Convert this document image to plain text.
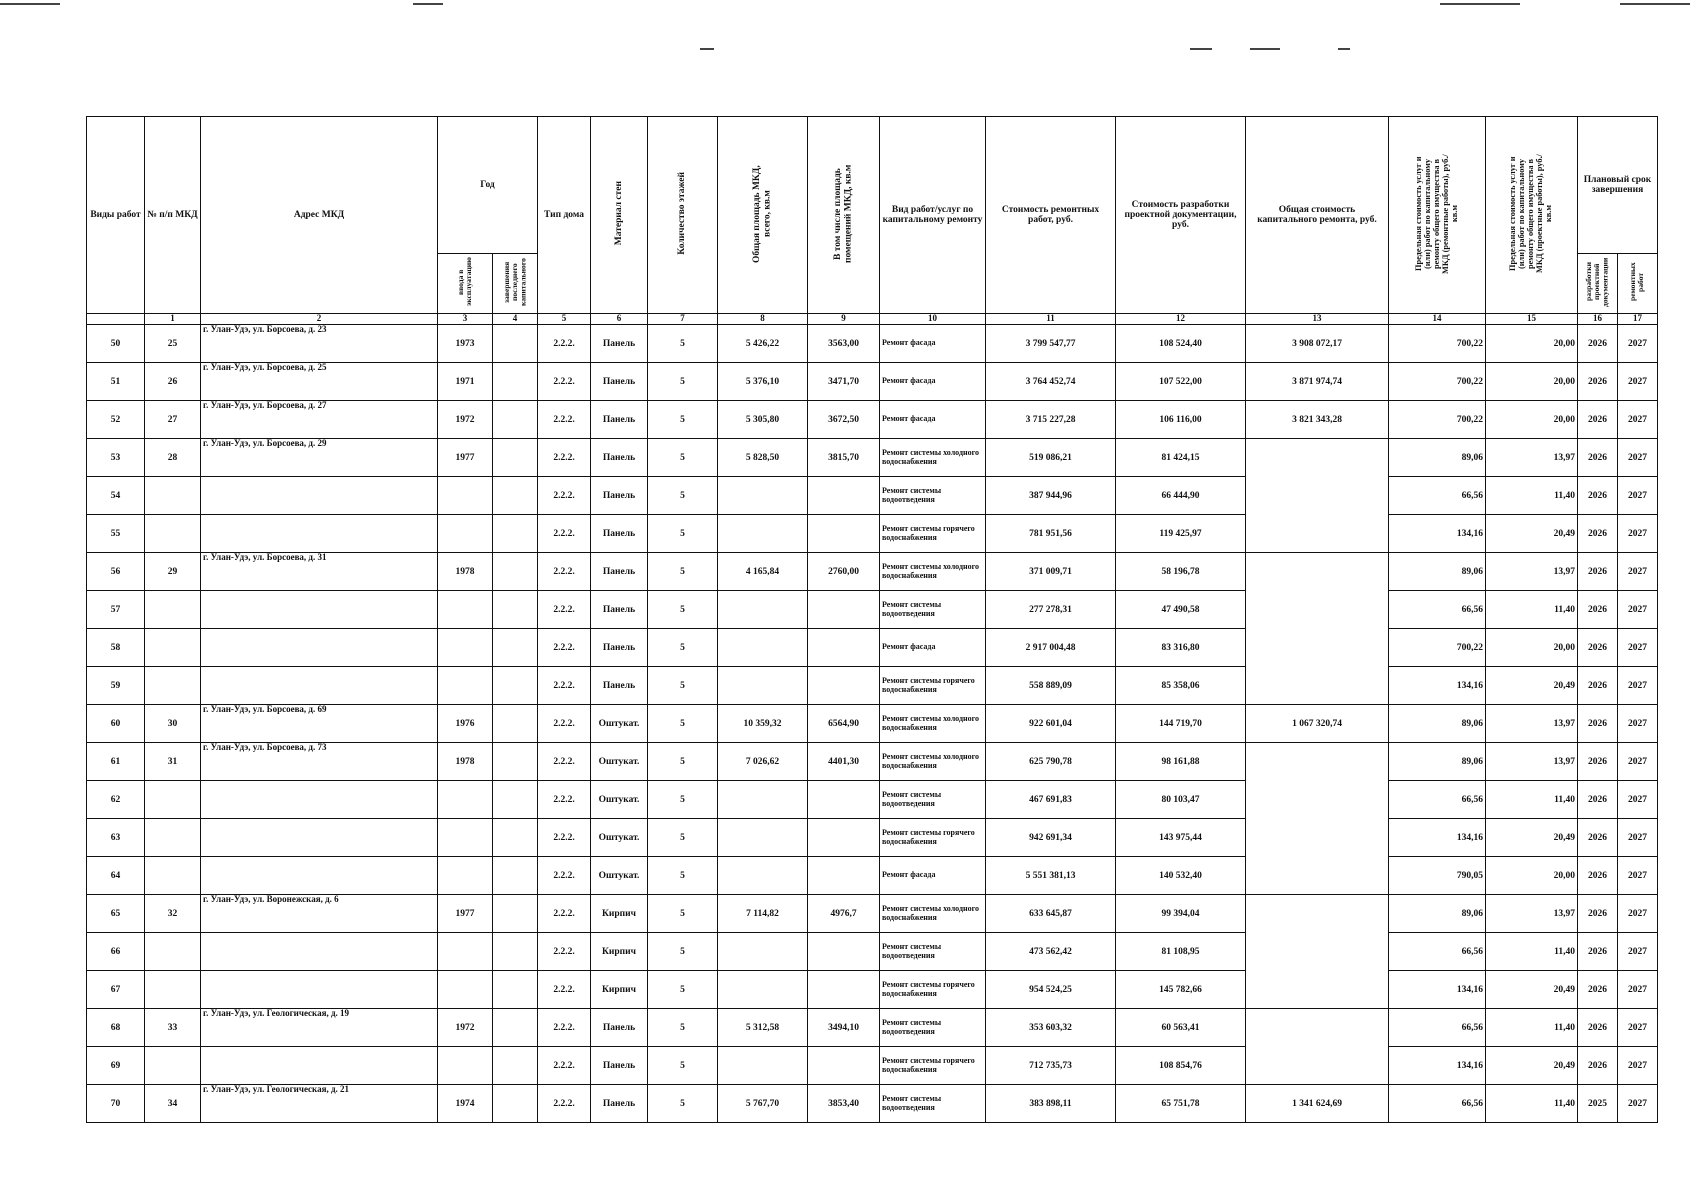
Виды работ	№ п/п МКД	Адрес МКД	Год		Тип дома	Материал стен	Количество этажей	Общая площадь МКД, всего, кв.м	В том числе площадь помещений МКД, кв.м	Вид работ/услуг по капитальному ремонту	Стоимость ремонтных работ, руб.	Стоимость разработки проектной документации, руб.	Общая стоимость капитального ремонта, руб.	Предельная стоимость услуг и (или) работ по капитальному ремонту общего имущества в МКД (ремонтные работы), руб./кв.м	Предельная стоимость услуг и (или) работ по капитальному ремонту общего имущества в МКД (проектные работы), руб./кв.м	Плановый срок завершения	
			ввода в эксплуатацию	завершения последнего капитального												разработки проектной документации	ремонтных работ
	1	2	3	4	5	6	7	8	9	10	11	12	13	14	15	16	17
50	25	г. Улан-Удэ, ул. Борсоева, д. 23	1973		2.2.2.	Панель	5	5 426,22	3563,00	Ремонт фасада	3 799 547,77	108 524,40	3 908 072,17	700,22	20,00	2026	2027
51	26	г. Улан-Удэ, ул. Борсоева, д. 25	1971		2.2.2.	Панель	5	5 376,10	3471,70	Ремонт фасада	3 764 452,74	107 522,00	3 871 974,74	700,22	20,00	2026	2027
52	27	г. Улан-Удэ, ул. Борсоева, д. 27	1972		2.2.2.	Панель	5	5 305,80	3672,50	Ремонт фасада	3 715 227,28	106 116,00	3 821 343,28	700,22	20,00	2026	2027
53	28	г. Улан-Удэ, ул. Борсоева, д. 29	1977		2.2.2.	Панель	5	5 828,50	3815,70	Ремонт системы холодного водоснабжения	519 086,21	81 424,15		89,06	13,97	2026	2027
54					2.2.2.	Панель	5			Ремонт системы водоотведения	387 944,96	66 444,90		66,56	11,40	2026	2027
55					2.2.2.	Панель	5			Ремонт системы горячего водоснабжения	781 951,56	119 425,97		134,16	20,49	2026	2027
56	29	г. Улан-Удэ, ул. Борсоева, д. 31	1978		2.2.2.	Панель	5	4 165,84	2760,00	Ремонт системы холодного водоснабжения	371 009,71	58 196,78		89,06	13,97	2026	2027
57					2.2.2.	Панель	5			Ремонт системы водоотведения	277 278,31	47 490,58		66,56	11,40	2026	2027
58					2.2.2.	Панель	5			Ремонт фасада	2 917 004,48	83 316,80		700,22	20,00	2026	2027
59					2.2.2.	Панель	5			Ремонт системы горячего водоснабжения	558 889,09	85 358,06		134,16	20,49	2026	2027
60	30	г. Улан-Удэ, ул. Борсоева, д. 69	1976		2.2.2.	Оштукат.	5	10 359,32	6564,90	Ремонт системы холодного водоснабжения	922 601,04	144 719,70	1 067 320,74	89,06	13,97	2026	2027
61	31	г. Улан-Удэ, ул. Борсоева, д. 73	1978		2.2.2.	Оштукат.	5	7 026,62	4401,30	Ремонт системы холодного водоснабжения	625 790,78	98 161,88		89,06	13,97	2026	2027
62					2.2.2.	Оштукат.	5			Ремонт системы водоотведения	467 691,83	80 103,47		66,56	11,40	2026	2027
63					2.2.2.	Оштукат.	5			Ремонт системы горячего водоснабжения	942 691,34	143 975,44		134,16	20,49	2026	2027
64					2.2.2.	Оштукат.	5			Ремонт фасада	5 551 381,13	140 532,40		790,05	20,00	2026	2027
65	32	г. Улан-Удэ, ул. Воронежская, д. 6	1977		2.2.2.	Кирпич	5	7 114,82	4976,7	Ремонт системы холодного водоснабжения	633 645,87	99 394,04		89,06	13,97	2026	2027
66					2.2.2.	Кирпич	5			Ремонт системы водоотведения	473 562,42	81 108,95		66,56	11,40	2026	2027
67					2.2.2.	Кирпич	5			Ремонт системы горячего водоснабжения	954 524,25	145 782,66		134,16	20,49	2026	2027
68	33	г. Улан-Удэ, ул. Геологическая, д. 19	1972		2.2.2.	Панель	5	5 312,58	3494,10	Ремонт системы водоотведения	353 603,32	60 563,41		66,56	11,40	2026	2027
69					2.2.2.	Панель	5			Ремонт системы горячего водоснабжения	712 735,73	108 854,76		134,16	20,49	2026	2027
70	34	г. Улан-Удэ, ул. Геологическая, д. 21	1974		2.2.2.	Панель	5	5 767,70	3853,40	Ремонт системы водоотведения	383 898,11	65 751,78	1 341 624,69	66,56	11,40	2025	2027
